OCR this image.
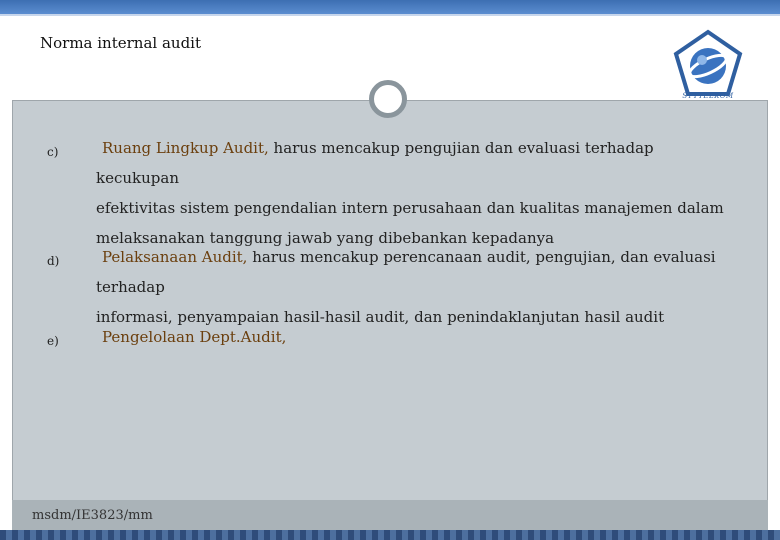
Norma internal audit
STTTELKOM
c)	Ruang Lingkup Audit, harus mencakup pengujian dan evaluasi terhadap kecukupan
efektivitas sistem pengendalian intern perusahaan dan kualitas manajemen dalam
melaksanakan tanggung jawab yang dibebankan kepadanya
d)	Pelaksanaan Audit, harus mencakup perencanaan audit, pengujian, dan evaluasi terhadap
informasi, penyampaian hasil-hasil audit, dan penindaklanjutan hasil audit
e)	Pengelolaan Dept.Audit,
msdm/IE3823/mm
